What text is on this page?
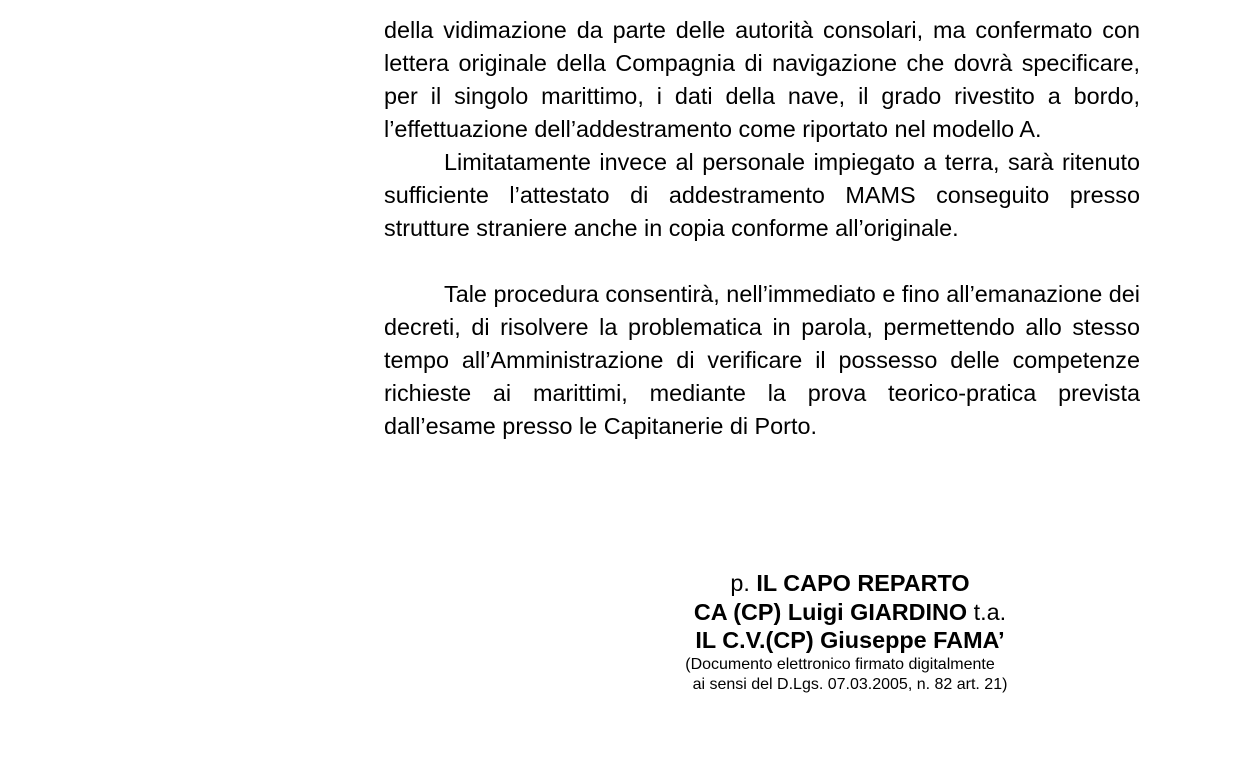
della vidimazione da parte delle autorità consolari, ma confermato con lettera originale della Compagnia di navigazione che dovrà specificare, per il singolo marittimo, i dati della nave, il grado rivestito a bordo, l’effettuazione dell’addestramento come riportato nel modello A.

Limitatamente invece al personale impiegato a terra, sarà ritenuto sufficiente l’attestato di addestramento MAMS conseguito presso strutture straniere anche in copia conforme all’originale.

Tale procedura consentirà, nell’immediato e fino all’emanazione dei decreti, di risolvere la problematica in parola, permettendo allo stesso tempo all’Amministrazione di verificare il possesso delle competenze richieste ai marittimi, mediante la prova teorico-pratica prevista dall’esame presso le Capitanerie di Porto.

p. IL CAPO REPARTO

CA (CP) Luigi GIARDINO t.a.

IL C.V.(CP) Giuseppe FAMA’

(Documento elettronico firmato digitalmente

ai sensi del D.Lgs. 07.03.2005, n. 82 art. 21)
